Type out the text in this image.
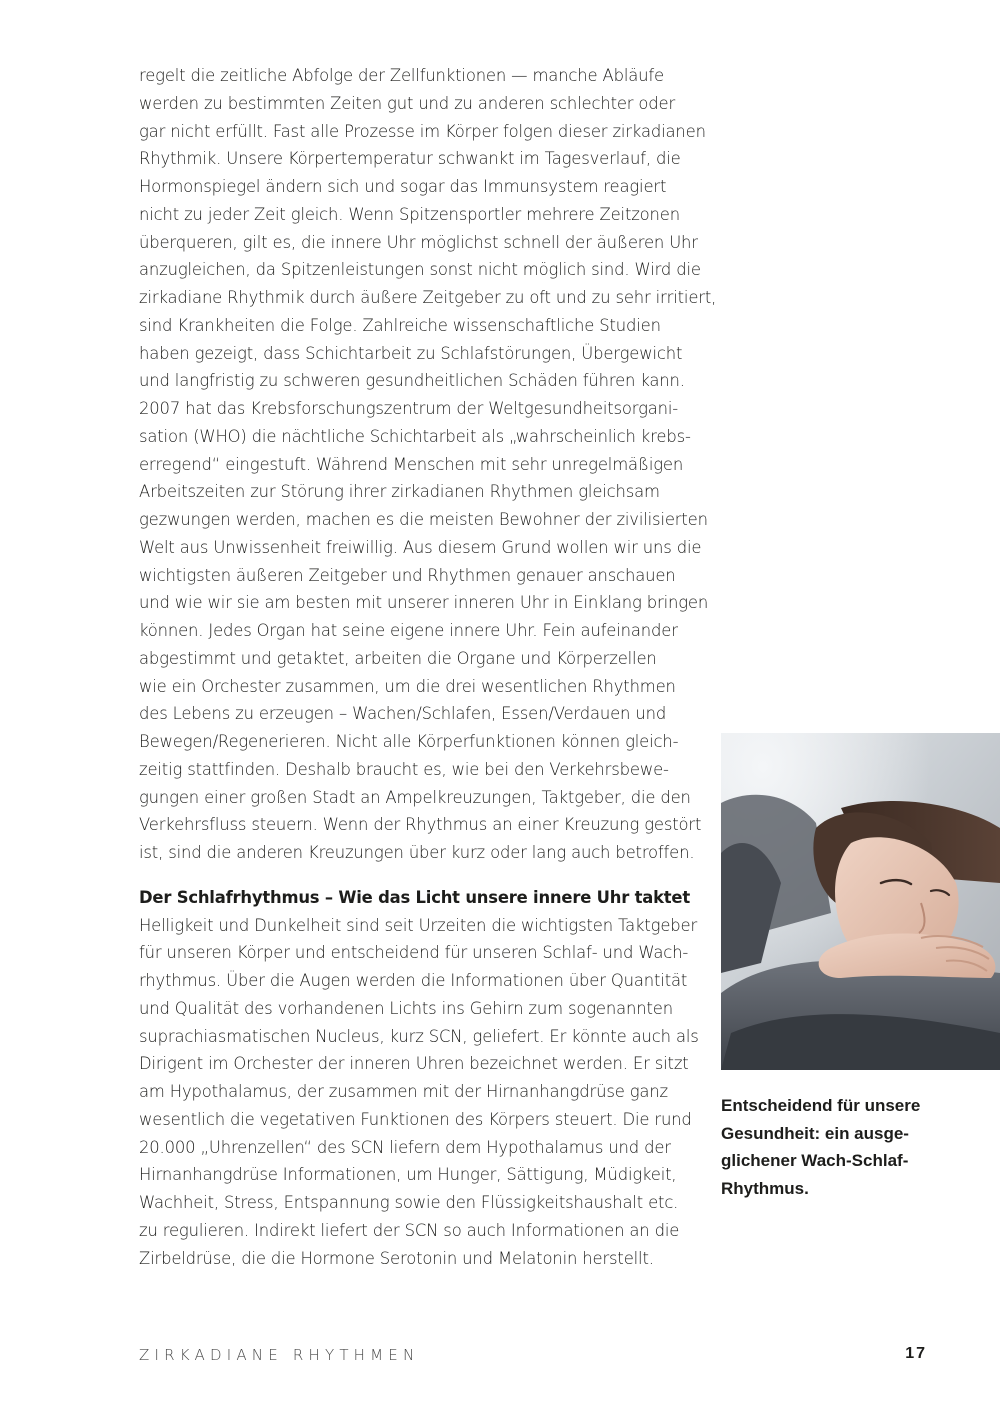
regelt die zeitliche Abfolge der Zellfunktionen — manche Abläufe
werden zu bestimmten Zeiten gut und zu anderen schlechter oder
gar nicht erfüllt. Fast alle Prozesse im Körper folgen dieser zirkadianen
Rhythmik. Unsere Körpertemperatur schwankt im Tagesverlauf, die
Hormonspiegel ändern sich und sogar das Immunsystem reagiert
nicht zu jeder Zeit gleich. Wenn Spitzensportler mehrere Zeitzonen
überqueren, gilt es, die innere Uhr möglichst schnell der äußeren Uhr
anzugleichen, da Spitzenleistungen sonst nicht möglich sind. Wird die
zirkadiane Rhythmik durch äußere Zeitgeber zu oft und zu sehr irritiert,
sind Krankheiten die Folge. Zahlreiche wissenschaftliche Studien
haben gezeigt, dass Schichtarbeit zu Schlafstörungen, Übergewicht
und langfristig zu schweren gesundheitlichen Schäden führen kann.
2007 hat das Krebsforschungszentrum der Weltgesundheitsorgani-
sation (WHO) die nächtliche Schichtarbeit als „wahrscheinlich krebs-
erregend“ eingestuft. Während Menschen mit sehr unregelmäßigen
Arbeitszeiten zur Störung ihrer zirkadianen Rhythmen gleichsam
gezwungen werden, machen es die meisten Bewohner der zivilisierten
Welt aus Unwissenheit freiwillig. Aus diesem Grund wollen wir uns die
wichtigsten äußeren Zeitgeber und Rhythmen genauer anschauen
und wie wir sie am besten mit unserer inneren Uhr in Einklang bringen
können. Jedes Organ hat seine eigene innere Uhr. Fein aufeinander
abgestimmt und getaktet, arbeiten die Organe und Körperzellen
wie ein Orchester zusammen, um die drei wesentlichen Rhythmen
des Lebens zu erzeugen – Wachen/Schlafen, Essen/Verdauen und
Bewegen/Regenerieren. Nicht alle Körperfunktionen können gleich-
zeitig stattfinden. Deshalb braucht es, wie bei den Verkehrsbewe-
gungen einer großen Stadt an Ampelkreuzungen, Taktgeber, die den
Verkehrsfluss steuern. Wenn der Rhythmus an einer Kreuzung gestört
ist, sind die anderen Kreuzungen über kurz oder lang auch betroffen.

Der Schlafrhythmus – Wie das Licht unsere innere Uhr taktet

Helligkeit und Dunkelheit sind seit Urzeiten die wichtigsten Taktgeber
für unseren Körper und entscheidend für unseren Schlaf- und Wach-
rhythmus. Über die Augen werden die Informationen über Quantität
und Qualität des vorhandenen Lichts ins Gehirn zum sogenannten
suprachiasmatischen Nucleus, kurz SCN, geliefert. Er könnte auch als
Dirigent im Orchester der inneren Uhren bezeichnet werden. Er sitzt
am Hypothalamus, der zusammen mit der Hirnanhangdrüse ganz
wesentlich die vegetativen Funktionen des Körpers steuert. Die rund
20.000 „Uhrenzellen“ des SCN liefern dem Hypothalamus und der
Hirnanhangdrüse Informationen, um Hunger, Sättigung, Müdigkeit,
Wachheit, Stress, Entspannung sowie den Flüssigkeitshaushalt etc.
zu regulieren. Indirekt liefert der SCN so auch Informationen an die
Zirbeldrüse, die die Hormone Serotonin und Melatonin herstellt.

Entscheidend für unsere
Gesundheit: ein ausge-
glichener Wach-Schlaf-
Rhythmus.
ZIRKADIANE RHYTHMEN	17
